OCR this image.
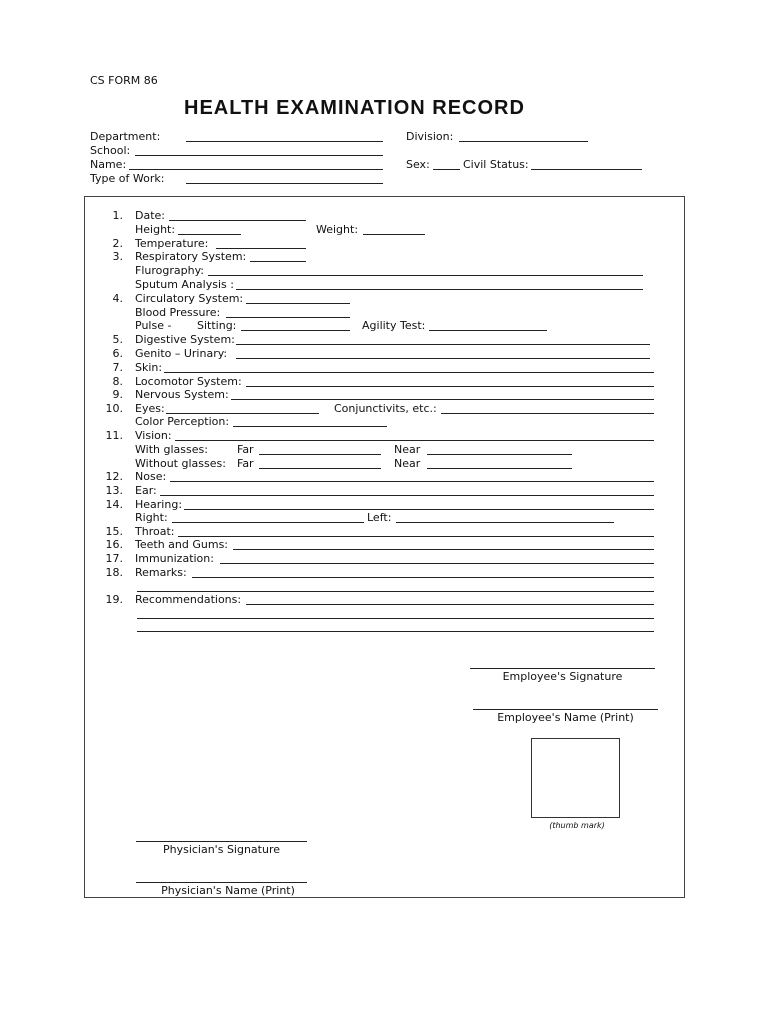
CS FORM 86
HEALTH EXAMINATION RECORD
Department:	Division:
School:
Name:	Sex:	Civil Status:
Type of Work:
1. Date:
Height:	Weight:
2. Temperature:
3. Respiratory System:
Flurography:
Sputum Analysis :
4. Circulatory System:
Blood Pressure:
Pulse - Sitting:	Agility Test:
5. Digestive System:
6. Genito – Urinary:
7. Skin:
8. Locomotor System:
9. Nervous System:
10. Eyes:	Conjunctivits, etc.:
Color Perception:
11. Vision:
With glasses:	Far	Near
Without glasses: Far	Near
12. Nose:
13. Ear:
14. Hearing:
Right:	Left:
15. Throat:
16. Teeth and Gums:
17. Immunization:
18. Remarks:
19. Recommendations:
Employee's Signature
Employee's Name (Print)
(thumb mark)
Physician's Signature
Physician's Name (Print)
